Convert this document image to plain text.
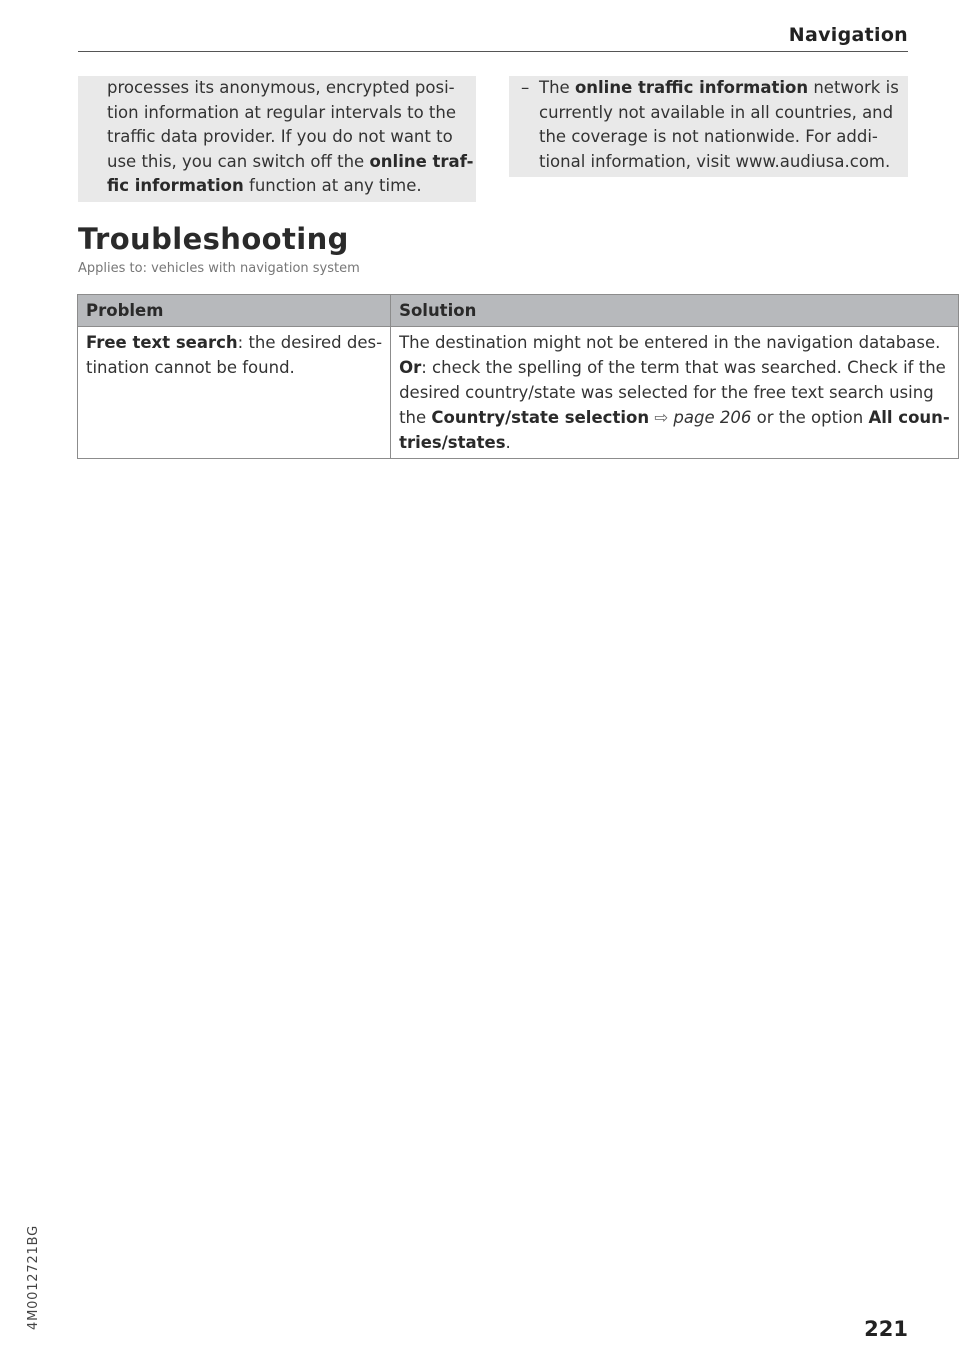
Navigation
processes its anonymous, encrypted posi-
tion information at regular intervals to the
traffic data provider. If you do not want to
use this, you can switch off the online traf-
fic information function at any time.
– The online traffic information network is
currently not available in all countries, and
the coverage is not nationwide. For addi-
tional information, visit www.audiusa.com.
Troubleshooting
Applies to: vehicles with navigation system
Problem	Solution

Free text search: the desired des-
tination cannot be found.	The destination might not be entered in the navigation database.
Or: check the spelling of the term that was searched. Check if the
desired country/state was selected for the free text search using
the Country/state selection ⇨ page 206 or the option All coun-
tries/states.
4M0012721BG	221
